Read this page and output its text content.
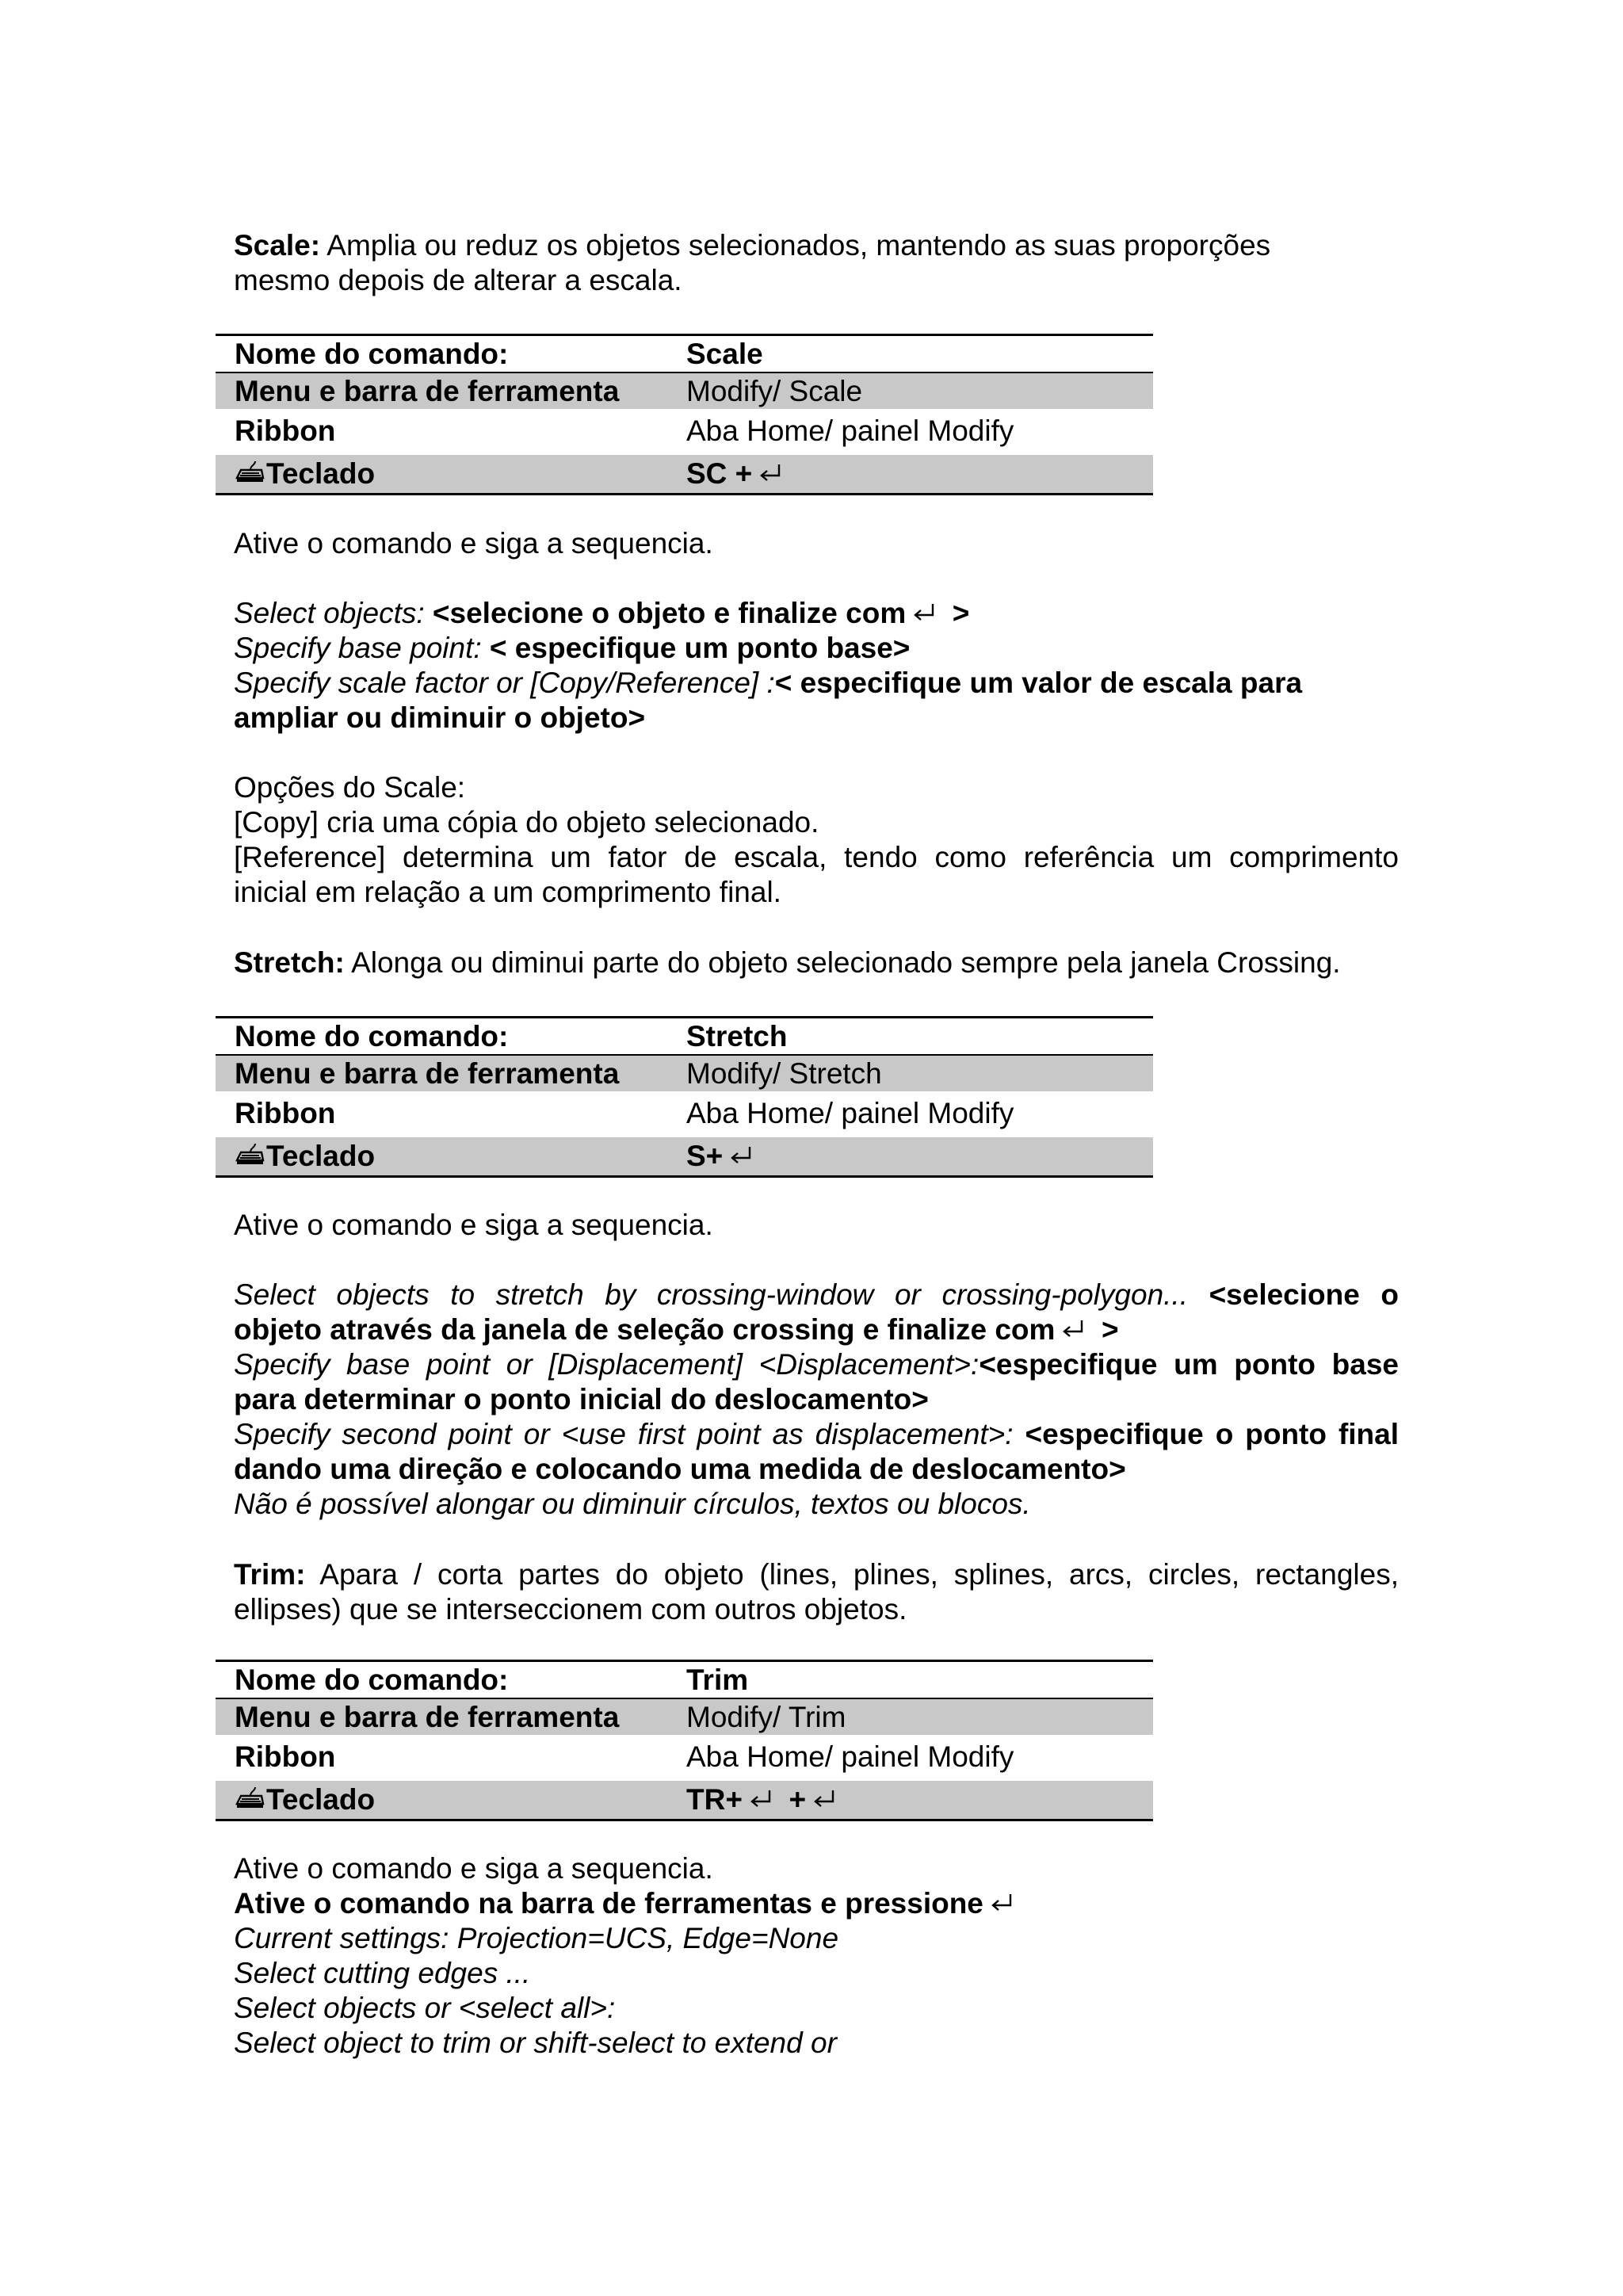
Scale: Amplia ou reduz os objetos selecionados, mantendo as suas proporções
mesmo depois de alterar a escala.
Nome do comando:	Scale
Menu e barra de ferramenta	Modify/ Scale
Ribbon	Aba Home/ painel Modify
Teclado	SC +
Ative o comando e siga a sequencia.
Select objects: <selecione o objeto e finalize com >
Specify base point: < especifique um ponto base>
Specify scale factor or [Copy/Reference] :< especifique um valor de escala para
ampliar ou diminuir o objeto>
Opções do Scale:
[Copy] cria uma cópia do objeto selecionado.
[Reference] determina um fator de escala, tendo como referência um comprimento
inicial em relação a um comprimento final.
Stretch: Alonga ou diminui parte do objeto selecionado sempre pela janela Crossing.
Nome do comando:	Stretch
Menu e barra de ferramenta	Modify/ Stretch
Ribbon	Aba Home/ painel Modify
Teclado	S+
Ative o comando e siga a sequencia.
Select objects to stretch by crossing-window or crossing-polygon... <selecione o
objeto através da janela de seleção crossing e finalize com >
Specify base point or [Displacement] <Displacement>:<especifique um ponto base
para determinar o ponto inicial do deslocamento>
Specify second point or <use first point as displacement>: <especifique o ponto final
dando uma direção e colocando uma medida de deslocamento>
Não é possível alongar ou diminuir círculos, textos ou blocos.
Trim: Apara / corta partes do objeto (lines, plines, splines, arcs, circles, rectangles,
ellipses) que se interseccionem com outros objetos.
Nome do comando:	Trim
Menu e barra de ferramenta	Modify/ Trim
Ribbon	Aba Home/ painel Modify
Teclado	TR+ +
Ative o comando e siga a sequencia.
Ative o comando na barra de ferramentas e pressione
Current settings: Projection=UCS, Edge=None
Select cutting edges ...
Select objects or <select all>:
Select object to trim or shift-select to extend or
